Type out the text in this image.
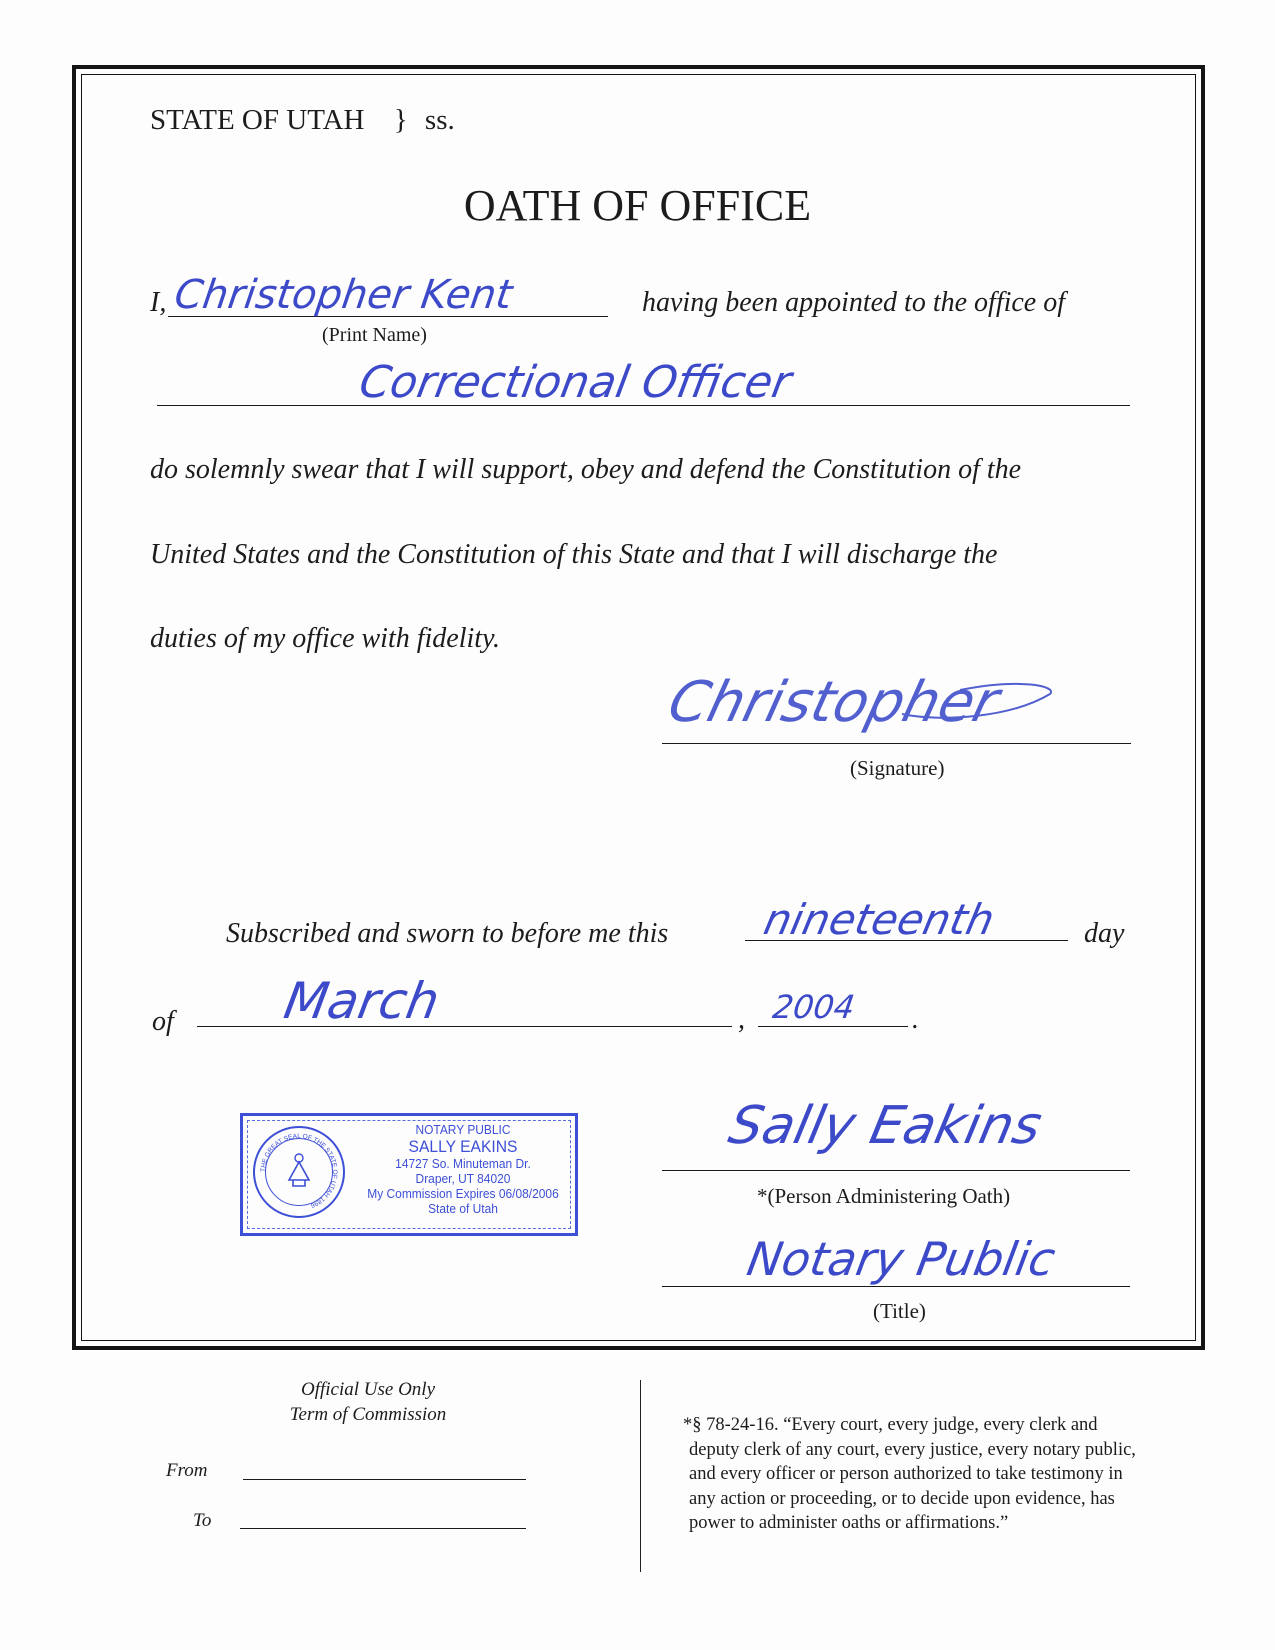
STATE OF UTAH } ss.
OATH OF OFFICE
I, Christopher Kent
(Print Name)
having been appointed to the office of
Correctional Officer
do solemnly swear that I will support, obey and defend the Constitution of the
United States and the Constitution of this State and that I will discharge the
duties of my office with fidelity.
Christopher
(Signature)
Subscribed and sworn to before me this nineteenth	day
of March	, 2004 .
THE GREAT SEAL OF THE STATE OF UTAH 1896
NOTARY PUBLIC
SALLY EAKINS
14727 So. Minuteman Dr.
Draper, UT 84020
My Commission Expires 06/08/2006
State of Utah
Sally Eakins
*(Person Administering Oath)
Notary Public
(Title)
Official Use Only
Term of Commission
From
To
*§ 78-24-16. “Every court, every judge, every clerk and
deputy clerk of any court, every justice, every notary public,
and every officer or person authorized to take testimony in
any action or proceeding, or to decide upon evidence, has
power to administer oaths or affirmations.”
